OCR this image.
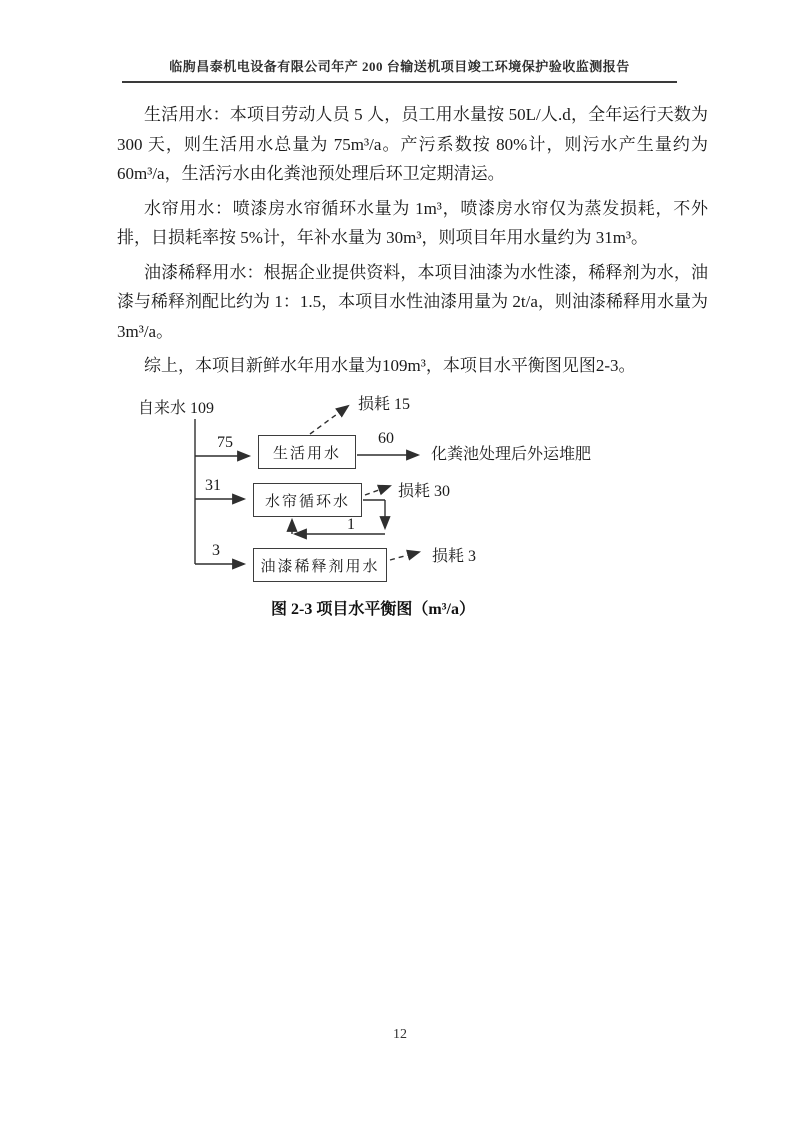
临朐昌泰机电设备有限公司年产 200 台输送机项目竣工环境保护验收监测报告

生活用水：本项目劳动人员 5 人，员工用水量按 50L/人.d，全年运行天数为 300 天，则生活用水总量为 75m³/a。产污系数按 80%计，则污水产生量约为 60m³/a，生活污水由化粪池预处理后环卫定期清运。

水帘用水：喷漆房水帘循环水量为 1m³，喷漆房水帘仅为蒸发损耗，不外排，日损耗率按 5%计，年补水量为 30m³，则项目年用水量约为 31m³。

油漆稀释用水：根据企业提供资料，本项目油漆为水性漆，稀释剂为水，油漆与稀释剂配比约为 1：1.5，本项目水性油漆用量为 2t/a，则油漆稀释用水量为 3m³/a。

综上，本项目新鲜水年用水量为109m³，本项目水平衡图见图2-3。

自来水 109
75
生活用水
损耗 15
60
化粪池处理后外运堆肥
31
水帘循环水
损耗 30
1
3
油漆稀释剂用水
损耗 3
图 2-3 项目水平衡图（m³/a）
12
